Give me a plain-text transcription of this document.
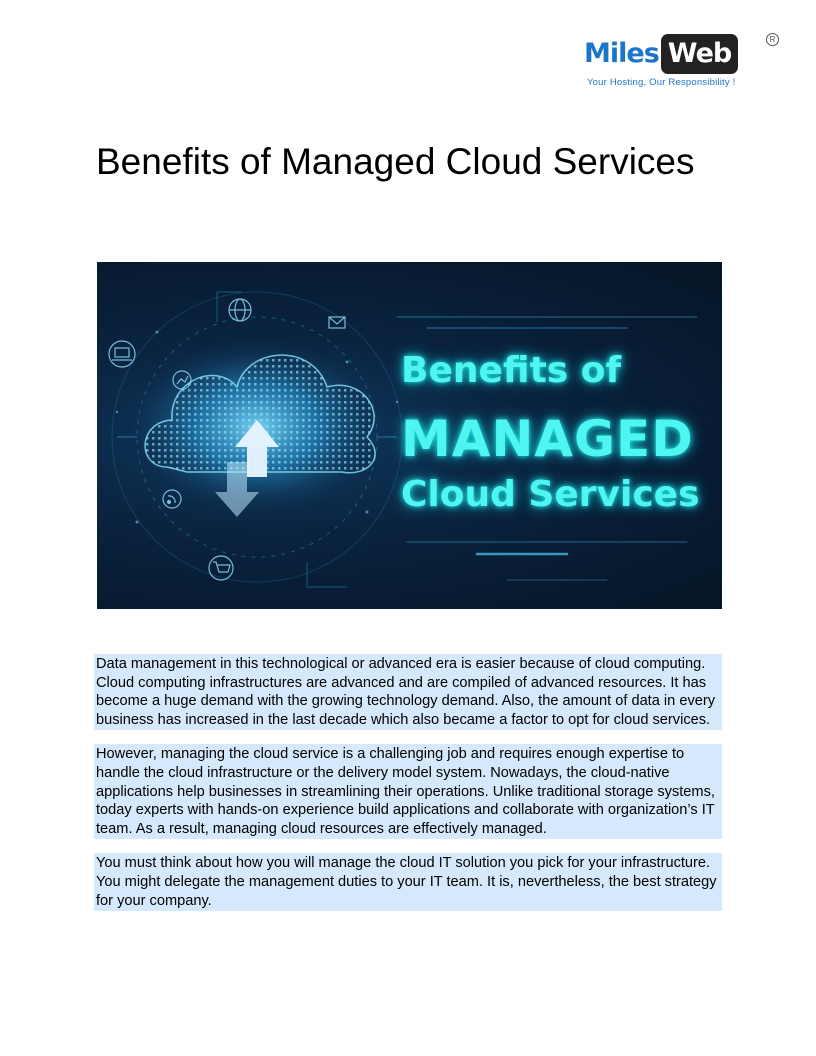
Miles Web	R
Your Hosting, Our Responsibility !
Benefits of Managed Cloud Services
Benefits of
MANAGED
Cloud Services

Data management in this technological or advanced era is easier because of cloud computing. Cloud computing infrastructures are advanced and are compiled of advanced resources. It has become a huge demand with the growing technology demand. Also, the amount of data in every business has increased in the last decade which also became a factor to opt for cloud services.

However, managing the cloud service is a challenging job and requires enough expertise to handle the cloud infrastructure or the delivery model system. Nowadays, the cloud-native applications help businesses in streamlining their operations. Unlike traditional storage systems, today experts with hands-on experience build applications and collaborate with organization’s IT team. As a result, managing cloud resources are effectively managed.

You must think about how you will manage the cloud IT solution you pick for your infrastructure. You might delegate the management duties to your IT team. It is, nevertheless, the best strategy for your company.
